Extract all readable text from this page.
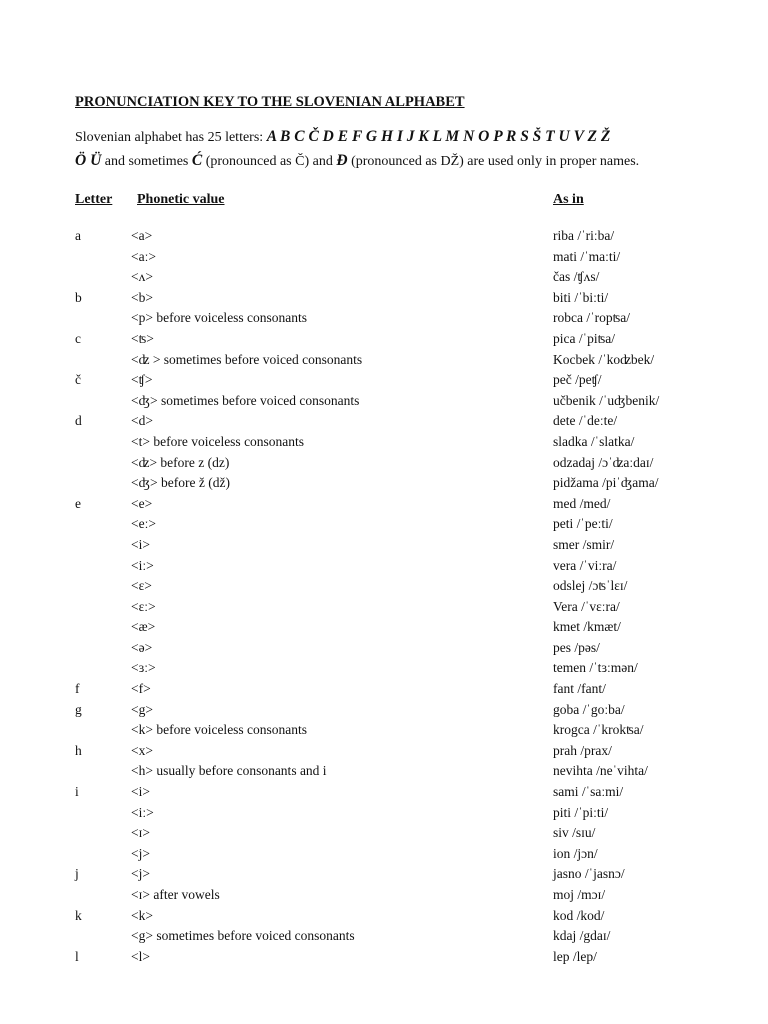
PRONUNCIATION KEY TO THE SLOVENIAN ALPHABET
Slovenian alphabet has 25 letters: A B C Č D E F G H I J K L M N O P R S Š T U V Z Ž
Ö Ü and sometimes Ć (pronounced as Č) and Đ (pronounced as DŽ) are used only in proper names.
Letter Phonetic value	As in
a	<a>	riba /ˈriːba/
<aː>	mati /ˈmaːti/
<ʌ>	čas /ʧʌs/
b	<b>	biti /ˈbiːti/
<p> before voiceless consonants	robca /ˈropʦa/
c	<ʦ>	pica /ˈpiʦa/
<ʣ > sometimes before voiced consonants	Kocbek /ˈkoʣbek/
č	<ʧ>	peč /peʧ/
<ʤ> sometimes before voiced consonants	učbenik /ˈuʤbenik/
d	<d>	dete /ˈdeːte/
<t> before voiceless consonants	sladka /ˈslatka/
<ʣ> before z (dz)	odzadaj /ɔˈʣaːdaɪ/
<ʤ> before ž (dž)	pidžama /piˈʤama/
e	<e>	med /med/
<eː>	peti /ˈpeːti/
<i>	smer /smir/
<iː>	vera /ˈviːra/
<ɛ>	odslej /ɔʦˈlɛɪ/
<ɛː>	Vera /ˈvɛːra/
<æ>	kmet /kmæt/
<ə>	pes /pəs/
<ɜː>	temen /ˈtɜːmən/
f	<f>	fant /fant/
g	<g>	goba /ˈgoːba/
<k> before voiceless consonants	krogca /ˈkrokʦa/
h	<x>	prah /prax/
<h> usually before consonants and i	nevihta /neˈvihta/
i	<i>	sami /ˈsaːmi/
<iː>	piti /ˈpiːti/
<ɪ>	siv /sɪu/
<j>	ion /jɔn/
j	<j>	jasno /ˈjasnɔ/
<ɪ> after vowels	moj /mɔɪ/
k	<k>	kod /kod/
<g> sometimes before voiced consonants	kdaj /gdaɪ/
l	<l>	lep /lep/
